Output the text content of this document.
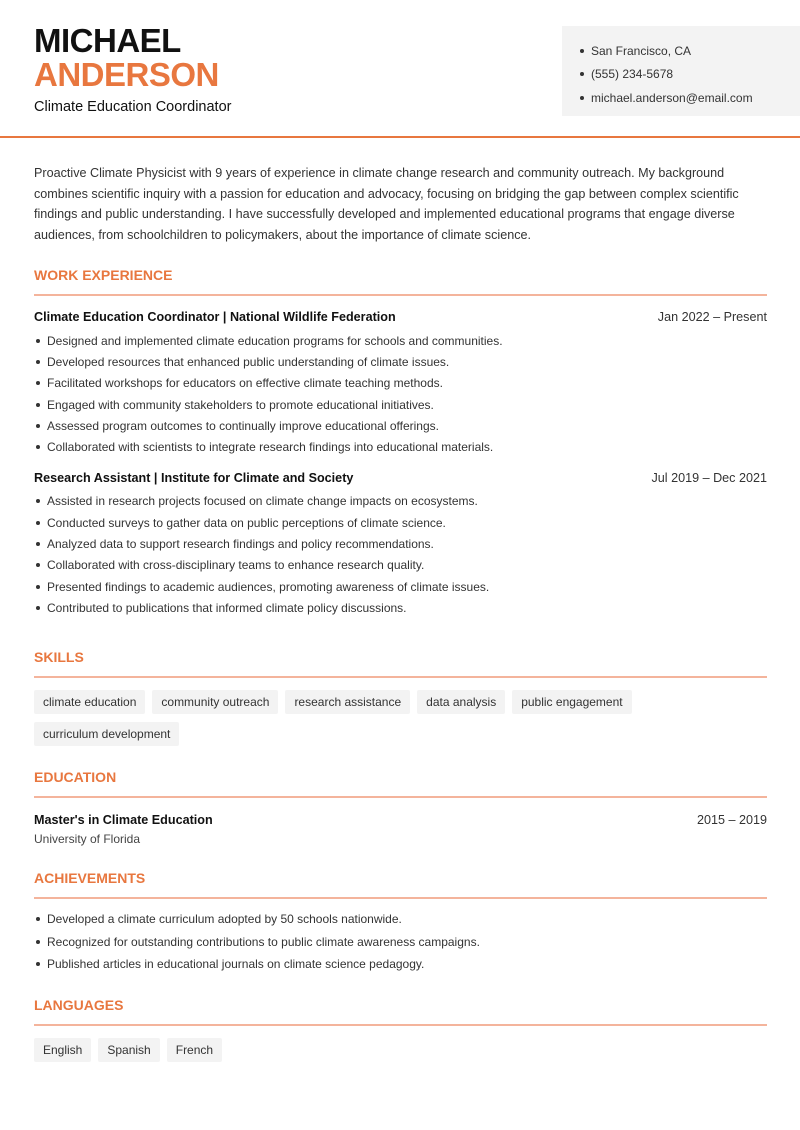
MICHAEL
ANDERSON
Climate Education Coordinator
San Francisco, CA
(555) 234-5678
michael.anderson@email.com

Proactive Climate Physicist with 9 years of experience in climate change research and community outreach. My background combines scientific inquiry with a passion for education and advocacy, focusing on bridging the gap between complex scientific findings and public understanding. I have successfully developed and implemented educational programs that engage diverse audiences, from schoolchildren to policymakers, about the importance of climate science.

WORK EXPERIENCE
Climate Education Coordinator | National Wildlife Federation	Jan 2022 – Present
Designed and implemented climate education programs for schools and communities.
Developed resources that enhanced public understanding of climate issues.
Facilitated workshops for educators on effective climate teaching methods.
Engaged with community stakeholders to promote educational initiatives.
Assessed program outcomes to continually improve educational offerings.
Collaborated with scientists to integrate research findings into educational materials.
Research Assistant | Institute for Climate and Society	Jul 2019 – Dec 2021
Assisted in research projects focused on climate change impacts on ecosystems.
Conducted surveys to gather data on public perceptions of climate science.
Analyzed data to support research findings and policy recommendations.
Collaborated with cross-disciplinary teams to enhance research quality.
Presented findings to academic audiences, promoting awareness of climate issues.
Contributed to publications that informed climate policy discussions.
SKILLS
climate education	community outreach	research assistance	data analysis	public engagement
curriculum development
EDUCATION
Master's in Climate Education	2015 – 2019
University of Florida
ACHIEVEMENTS
Developed a climate curriculum adopted by 50 schools nationwide.
Recognized for outstanding contributions to public climate awareness campaigns.
Published articles in educational journals on climate science pedagogy.
LANGUAGES
English	Spanish	French
